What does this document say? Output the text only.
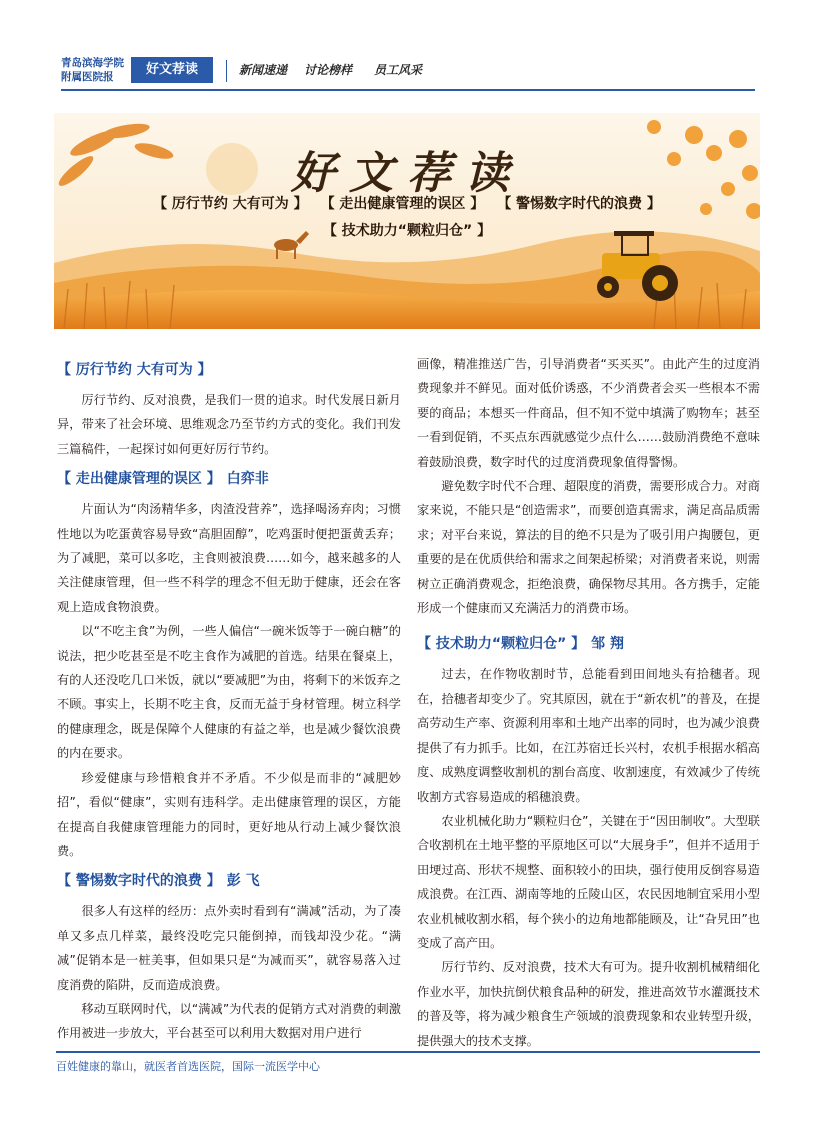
青岛滨海学院
附属医院报	好文荐读	新闻速递 讨论榜样 员工风采
好文荐读
【 厉行节约 大有可为 】 【 走出健康管理的误区 】 【 警惕数字时代的浪费 】
【 技术助力“颗粒归仓” 】
【 厉行节约 大有可为 】

厉行节约、反对浪费，是我们一贯的追求。时代发展日新月异，带来了社会环境、思维观念乃至节约方式的变化。我们刊发三篇稿件，一起探讨如何更好厉行节约。

【 走出健康管理的误区 】 白弈非

片面认为“肉汤精华多，肉渣没营养”，选择喝汤弃肉；习惯性地以为吃蛋黄容易导致“高胆固醇”，吃鸡蛋时便把蛋黄丢弃；为了减肥，菜可以多吃，主食则被浪费……如今，越来越多的人关注健康管理，但一些不科学的理念不但无助于健康，还会在客观上造成食物浪费。

以“不吃主食”为例，一些人偏信“一碗米饭等于一碗白糖”的说法，把少吃甚至是不吃主食作为减肥的首选。结果在餐桌上，有的人还没吃几口米饭，就以“要减肥”为由，将剩下的米饭弃之不顾。事实上，长期不吃主食，反而无益于身材管理。树立科学的健康理念，既是保障个人健康的有益之举，也是减少餐饮浪费的内在要求。

珍爱健康与珍惜粮食并不矛盾。不少似是而非的“减肥妙招”，看似“健康”，实则有违科学。走出健康管理的误区，方能在提高自我健康管理能力的同时，更好地从行动上减少餐饮浪费。

【 警惕数字时代的浪费 】 彭 飞

很多人有这样的经历：点外卖时看到有“满减”活动，为了凑单又多点几样菜，最终没吃完只能倒掉，而钱却没少花。“满减”促销本是一桩美事，但如果只是“为减而买”，就容易落入过度消费的陷阱，反而造成浪费。

移动互联网时代，以“满减”为代表的促销方式对消费的刺激作用被进一步放大，平台甚至可以利用大数据对用户进行

画像，精准推送广告，引导消费者“买买买”。由此产生的过度消费现象并不鲜见。面对低价诱惑，不少消费者会买一些根本不需要的商品；本想买一件商品，但不知不觉中填满了购物车；甚至一看到促销，不买点东西就感觉少点什么……鼓励消费绝不意味着鼓励浪费，数字时代的过度消费现象值得警惕。

避免数字时代不合理、超限度的消费，需要形成合力。对商家来说，不能只是“创造需求”，而要创造真需求，满足高品质需求；对平台来说，算法的目的绝不只是为了吸引用户掏腰包，更重要的是在优质供给和需求之间架起桥梁；对消费者来说，则需树立正确消费观念，拒绝浪费，确保物尽其用。各方携手，定能形成一个健康而又充满活力的消费市场。

【 技术助力“颗粒归仓” 】 邹 翔

过去，在作物收割时节，总能看到田间地头有拾穗者。现在，拾穗者却变少了。究其原因，就在于“新农机”的普及，在提高劳动生产率、资源利用率和土地产出率的同时，也为减少浪费提供了有力抓手。比如，在江苏宿迁长兴村，农机手根据水稻高度、成熟度调整收割机的割台高度、收割速度，有效减少了传统收割方式容易造成的稻穗浪费。

农业机械化助力“颗粒归仓”，关键在于“因田制收”。大型联合收割机在土地平整的平原地区可以“大展身手”，但并不适用于田埂过高、形状不规整、面积较小的田块，强行使用反倒容易造成浪费。在江西、湖南等地的丘陵山区，农民因地制宜采用小型农业机械收割水稻，每个狭小的边角地都能顾及，让“旮旯田”也变成了高产田。

厉行节约、反对浪费，技术大有可为。提升收割机械精细化作业水平，加快抗倒伏粮食品种的研发，推进高效节水灌溉技术的普及等，将为减少粮食生产领域的浪费现象和农业转型升级，提供强大的技术支撑。

百姓健康的靠山，就医者首选医院，国际一流医学中心
